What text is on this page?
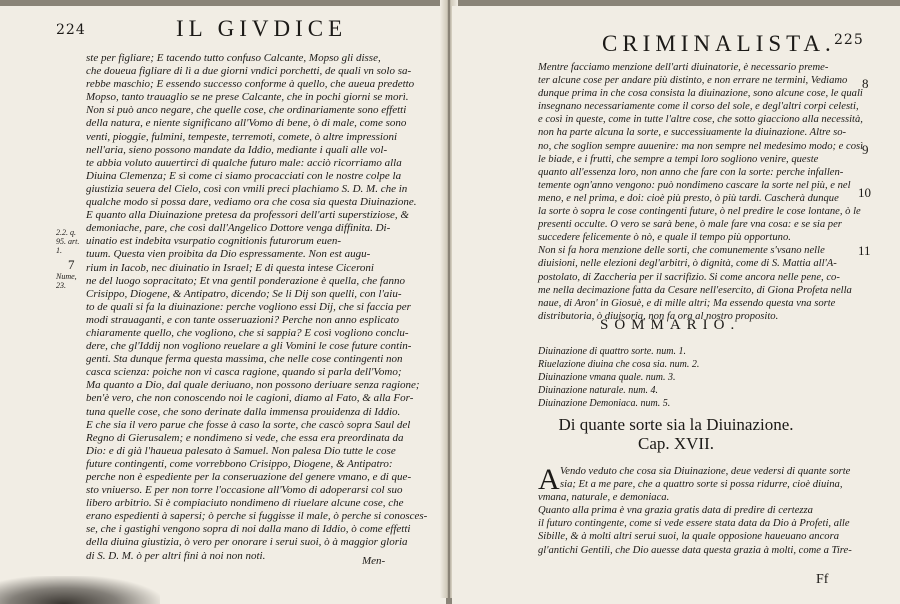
224	IL GIVDICE
ste per figliare; E tacendo tutto confuso Calcante, Mopso gli disse,
che doueua figliare di lì a due giorni vndici porchetti, de quali vn solo sa-
rebbe maschio; E essendo successo conforme à quello, che aueua predetto
Mopso, tanto trauaglio se ne prese Calcante, che in pochi giorni se morì.
Non si può anco negare, che quelle cose, che ordinariamente sono effetti
della natura, e niente significano all'Vomo di bene, ò di male, come sono
venti, pioggie, fulmini, tempeste, terremoti, comete, ò altre impressioni
nell'aria, sieno possono mandate da Iddio, mediante i quali alle vol-
te abbia voluto auuertirci di qualche futuro male: acciò ricorriamo alla
Diuina Clemenza; E sì come ci siamo procacciati con le nostre colpe la
giustizia seuera del Cielo, così con vmili preci plachiamo S. D. M. che in
qualche modo si possa dare, vediamo ora che cosa sia questa Diuinazione.
E quanto alla Diuinazione pretesa da professori dell'arti superstiziose, &
demoniache, pare, che così dall'Angelico Dottore venga diffinita. Di-
uinatio est indebita vsurpatio cognitionis futurorum euen-
tuum. Questa vien proibita da Dio espressamente. Non est augu-
rium in Iacob, nec diuinatio in Israel; E di questa intese Ciceroni
ne del luogo sopracitato; Et vna gentil ponderazione è quella, che fanno
Crisippo, Diogene, & Antipatro, dicendo; Se li Dij son quelli, con l'aiu-
to de quali si fa la diuinazione: perche vogliono essi Dij, che si faccia per
modi strauaganti, e con tante osseruazioni? Perche non anno esplicato
chiaramente quello, che vogliono, che si sappia? E così vogliono conclu-
dere, che gl'Iddij non vogliono reuelare a gli Vomini le cose future contin-
genti. Sta dunque ferma questa massima, che nelle cose contingenti non
casca scienza: poiche non vi casca ragione, quando si parla dell'Vomo;
Ma quanto a Dio, dal quale deriuano, non possono deriuare senza ragione;
ben'è vero, che non conoscendo noi le cagioni, diamo al Fato, & alla For-
tuna quelle cose, che sono derinate dalla immensa prouidenza di Iddio.
E che sia il vero parue che fosse à caso la sorte, che cascò sopra Saul del
Regno di Gierusalem; e nondimeno si vede, che essa era preordinata da
Dio: e di già l'haueua palesato à Samuel. Non palesa Dio tutte le cose
future contingenti, come vorrebbono Crisippo, Diogene, & Antipatro:
perche non è espediente per la conseruazione del genere vmano, e di que-
sto vniuerso. E per non torre l'occasione all'Vomo di adoperarsi col suo
libero arbitrio. Si è compiaciuto nondimeno di riuelare alcune cose, che
erano espedienti à sapersi; ò perche si fuggisse il male, ò perche si conosces-
se, che i gastighi vengono sopra di noi dalla mano di Iddio, ò come effetti
della diuina giustizia, ò vero per onorare i serui suoi, ò à maggior gloria
di S. D. M. ò per altri fini à noi non noti.
2.2. q.
95. art.
1.
7
Nume,
23.
Men-
CRIMINALISTA.
225
Mentre facciamo menzione dell'arti diuinatorie, è necessario preme-
ter alcune cose per andare più distinto, e non errare ne termini, Vediamo
dunque prima in che cosa consista la diuinazione, sono alcune cose, le quali
insegnano necessariamente come il corso del sole, e degl'altri corpi celesti,
e così in queste, come in tutte l'altre cose, che sotto giacciono alla necessità,
non ha parte alcuna la sorte, e successiuamente la diuinazione. Altre so-
no, che soglion sempre auuenire: ma non sempre nel medesimo modo; e così
le biade, e i frutti, che sempre a tempi loro sogliono venire, queste
quanto all'essenza loro, non anno che fare con la sorte: perche infallen-
temente ogn'anno vengono: può nondimeno cascare la sorte nel più, e nel
meno, e nel prima, e doi: cioè più presto, ò più tardi. Cascherà dunque
la sorte ò sopra le cose contingenti future, ò nel predire le cose lontane, ò le
presenti occulte. O vero se sarà bene, ò male fare vna cosa: e se sia per
succedere felicemente ò nò, e quale il tempo più opportuno.
Non si fa hora menzione delle sorti, che comunemente s'vsano nelle
diuisioni, nelle elezioni degl'arbitri, ò dignità, come di S. Mattia all'A-
postolato, di Zaccheria per il sacrifizio. Si come ancora nelle pene, co-
me nella decimazione fatta da Cesare nell'esercito, di Giona Profeta nella
naue, di Aron' in Giosuè, e di mille altri; Ma essendo questa vna sorte
distributoria, ò diuisoria, non fa ora al nostro proposito.
8
9
10
11
SOMMARIO.
Diuinazione di quattro sorte. num. 1.
Riuelazione diuina che cosa sia. num. 2.
Diuinazione vmana quale. num. 3.
Diuinazione naturale. num. 4.
Diuinazione Demoniaca. num. 5.
Di quante sorte sia la Diuinazione.
Cap. XVII.
A Vendo veduto che cosa sia Diuinazione, deue vedersi di quante sorte
sia; Et a me pare, che a quattro sorte si possa ridurre, cioè diuina,
vmana, naturale, e demoniaca.
Quanto alla prima è vna grazia gratis data di predire di certezza
il futuro contingente, come si vede essere stata data da Dio à Profeti, alle
Sibille, & à molti altri serui suoi, la quale opposione haueuano ancora
gl'antichi Gentili, che Dio auesse data questa grazia à molti, come a Tire-
Ff
